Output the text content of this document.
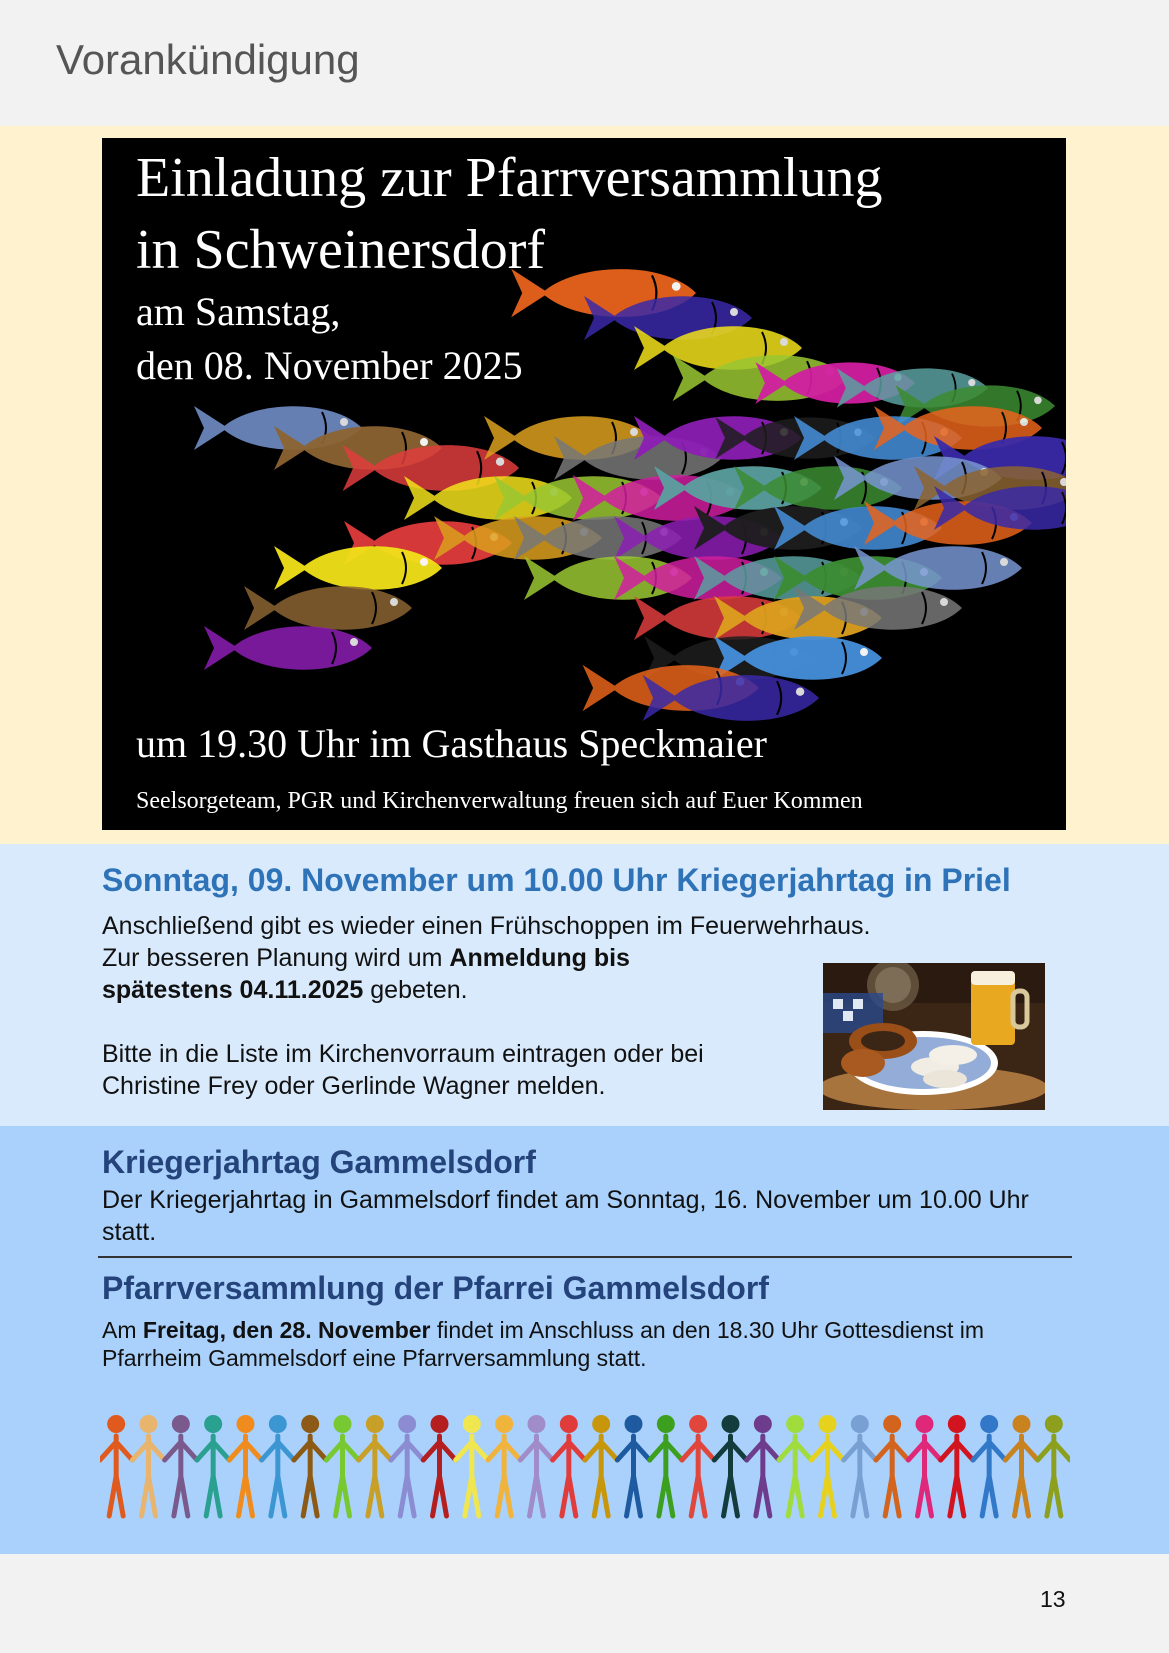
Vorankündigung
Einladung zur Pfarrversammlung
in Schweinersdorf
am Samstag,
den 08. November 2025
um 19.30 Uhr im Gasthaus Speckmaier
Seelsorgeteam, PGR und Kirchenverwaltung freuen sich auf Euer Kommen
Sonntag, 09. November um 10.00 Uhr Kriegerjahrtag in Priel
Anschließend gibt es wieder einen Frühschoppen im Feuerwehrhaus.
Zur besseren Planung wird um Anmeldung bis spätestens 04.11.2025 gebeten.
Bitte in die Liste im Kirchenvorraum eintragen oder bei Christine Frey oder Gerlinde Wagner melden.
Kriegerjahrtag Gammelsdorf
Der Kriegerjahrtag in Gammelsdorf findet am Sonntag, 16. November um 10.00 Uhr statt.
Pfarrversammlung der Pfarrei Gammelsdorf
Am Freitag, den 28. November findet im Anschluss an den 18.30 Uhr Gottesdienst im Pfarrheim Gammelsdorf eine Pfarrversammlung statt.
13
